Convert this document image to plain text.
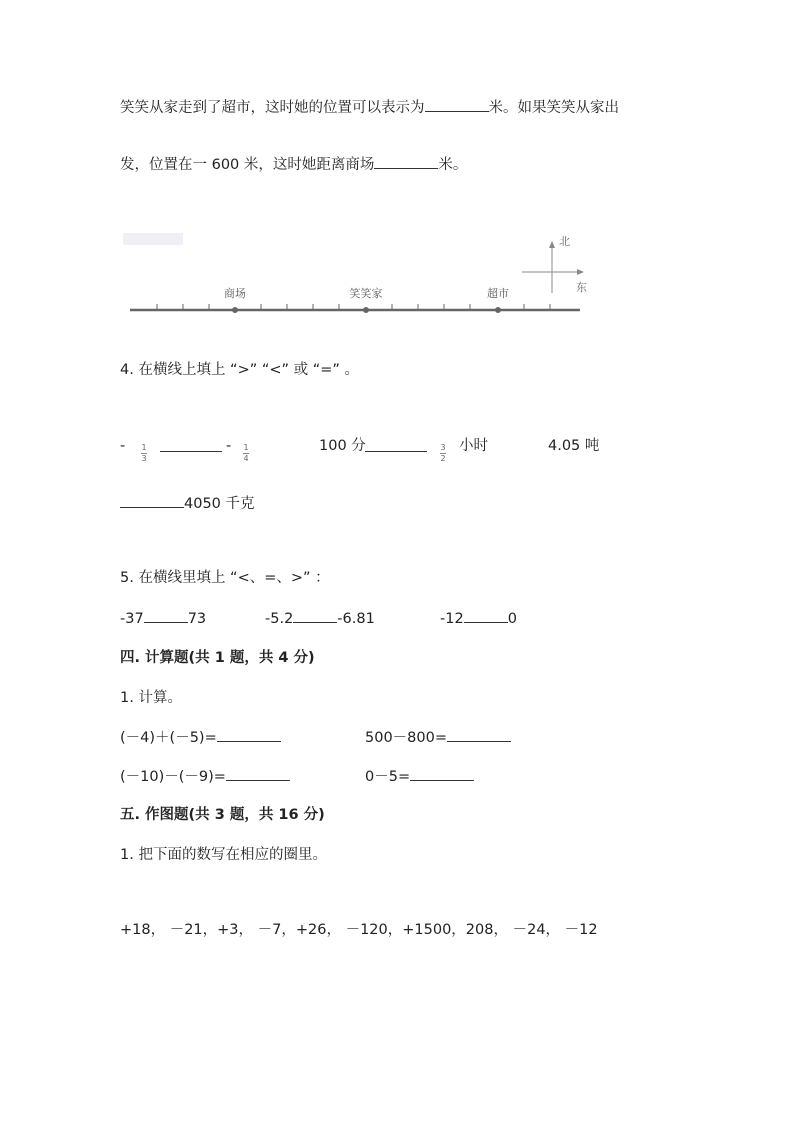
笑笑从家走到了超市，这时她的位置可以表示为	米。如果笑笑从家出
发，位置在一 600 米，这时她距离商场	米。
商场	笑笑家	超市
北
东
4. 在横线上填上 “>” “<” 或 “=” 。
- 1
3
- 1
4
100 分	3
2
小时	4.05 吨
4050 千克
5. 在横线里填上 “<、=、>” ：
-37	73	-5.2	-6.81	-12	0
四. 计算题(共 1 题，共 4 分)
1. 计算。
(－4)＋(－5)=	500－800=
(－10)－(－9)=	0－5=
五. 作图题(共 3 题，共 16 分)
1. 把下面的数写在相应的圈里。
+18， －21，+3， －7，+26， －120，+1500，208， －24， －12
